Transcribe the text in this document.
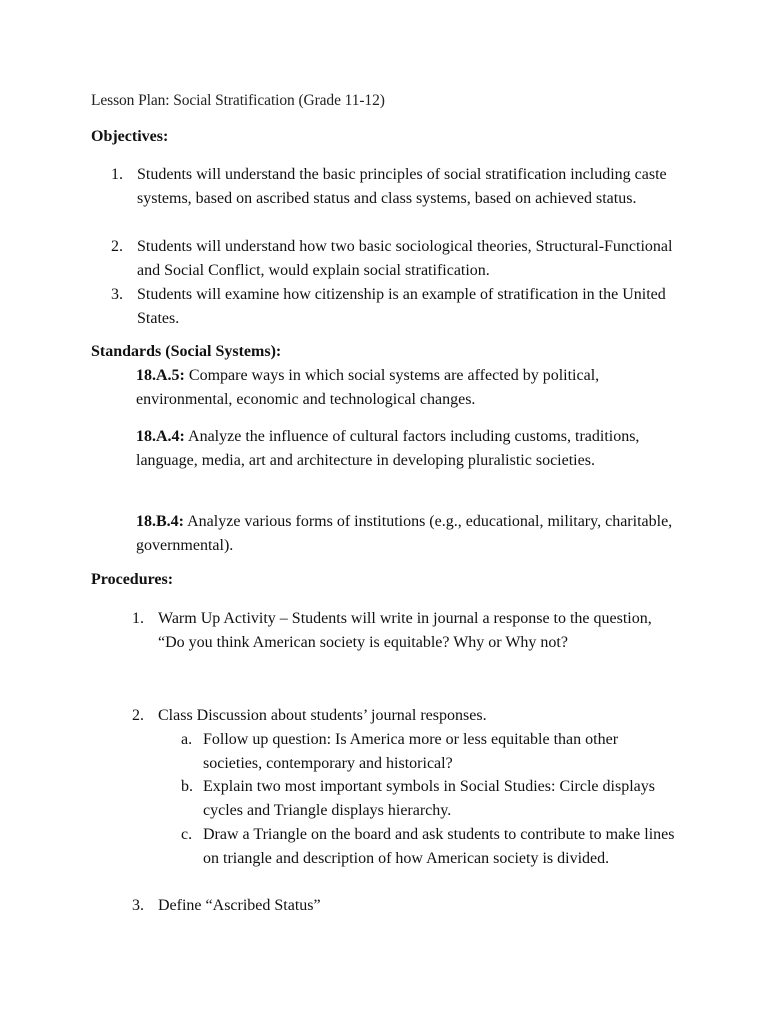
Lesson Plan: Social Stratification (Grade 11-12)
Objectives:
1. Students will understand the basic principles of social stratification including caste systems, based on ascribed status and class systems, based on achieved status.
2. Students will understand how two basic sociological theories, Structural-Functional and Social Conflict, would explain social stratification.
3. Students will examine how citizenship is an example of stratification in the United States.
Standards (Social Systems):
18.A.5: Compare ways in which social systems are affected by political, environmental, economic and technological changes.
18.A.4: Analyze the influence of cultural factors including customs, traditions, language, media, art and architecture in developing pluralistic societies.
18.B.4: Analyze various forms of institutions (e.g., educational, military, charitable, governmental).
Procedures:
1. Warm Up Activity – Students will write in journal a response to the question, “Do you think American society is equitable? Why or Why not?
2. Class Discussion about students’ journal responses.
a. Follow up question: Is America more or less equitable than other societies, contemporary and historical?
b. Explain two most important symbols in Social Studies: Circle displays cycles and Triangle displays hierarchy.
c. Draw a Triangle on the board and ask students to contribute to make lines on triangle and description of how American society is divided.
3. Define “Ascribed Status”
